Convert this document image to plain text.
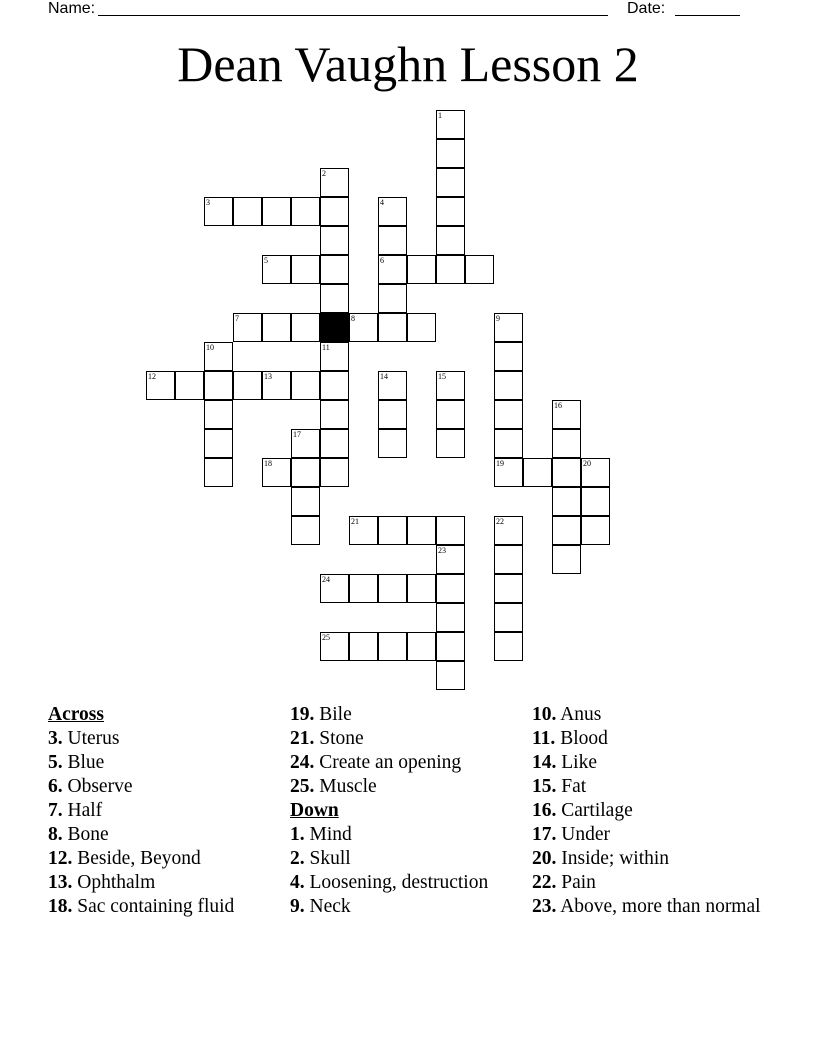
Name:	Date:
Dean Vaughn Lesson 2
1
2
3	4
5	6
7	8	9
10	11
12	13	14	15
16
17
18	19	20
21	22
23
24
25
Across
3. Uterus
5. Blue
6. Observe
7. Half
8. Bone
12. Beside, Beyond
13. Ophthalm
18. Sac containing fluid
19. Bile
21. Stone
24. Create an opening
25. Muscle
Down
1. Mind
2. Skull
4. Loosening, destruction
9. Neck
10. Anus
11. Blood
14. Like
15. Fat
16. Cartilage
17. Under
20. Inside; within
22. Pain
23. Above, more than normal
